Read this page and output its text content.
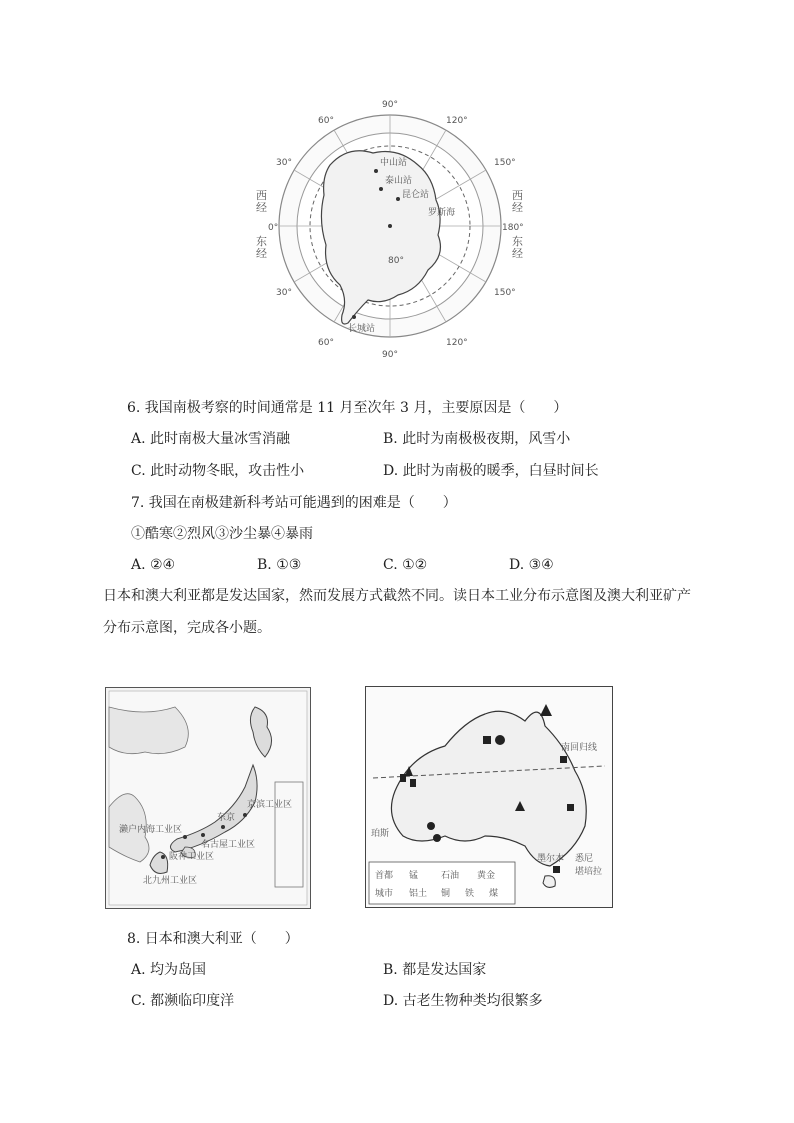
90°
90°
60°
30°
0°
30°
60°
120°
150°
180°
150°
120°
中山站
泰山站
昆仑站
罗斯海
80°
长城站
西经
东经
西经
东经
6. 我国南极考察的时间通常是 11 月至次年 3 月，主要原因是（　　）
A. 此时南极大量冰雪消融	B. 此时为南极极夜期，风雪小
C. 此时动物冬眠，攻击性小	D. 此时为南极的暖季，白昼时间长
7. 我国在南极建新科考站可能遇到的困难是（　　）
①酷寒②烈风③沙尘暴④暴雨
A. ②④	B. ①③	C. ①②	D. ③④
日本和澳大利亚都是发达国家，然而发展方式截然不同。读日本工业分布示意图及澳大利亚矿产
分布示意图，完成各小题。
京滨工业区
东京
名古屋工业区
阪神工业区
濑户内海工业区
北九州工业区
南回归线
悉尼
墨尔本
珀斯
堪培拉
首都 锰	石油 黄金
城市 铝土 铜 铁 煤
8. 日本和澳大利亚（　　）
A. 均为岛国	B. 都是发达国家
C. 都濒临印度洋	D. 古老生物种类均很繁多
